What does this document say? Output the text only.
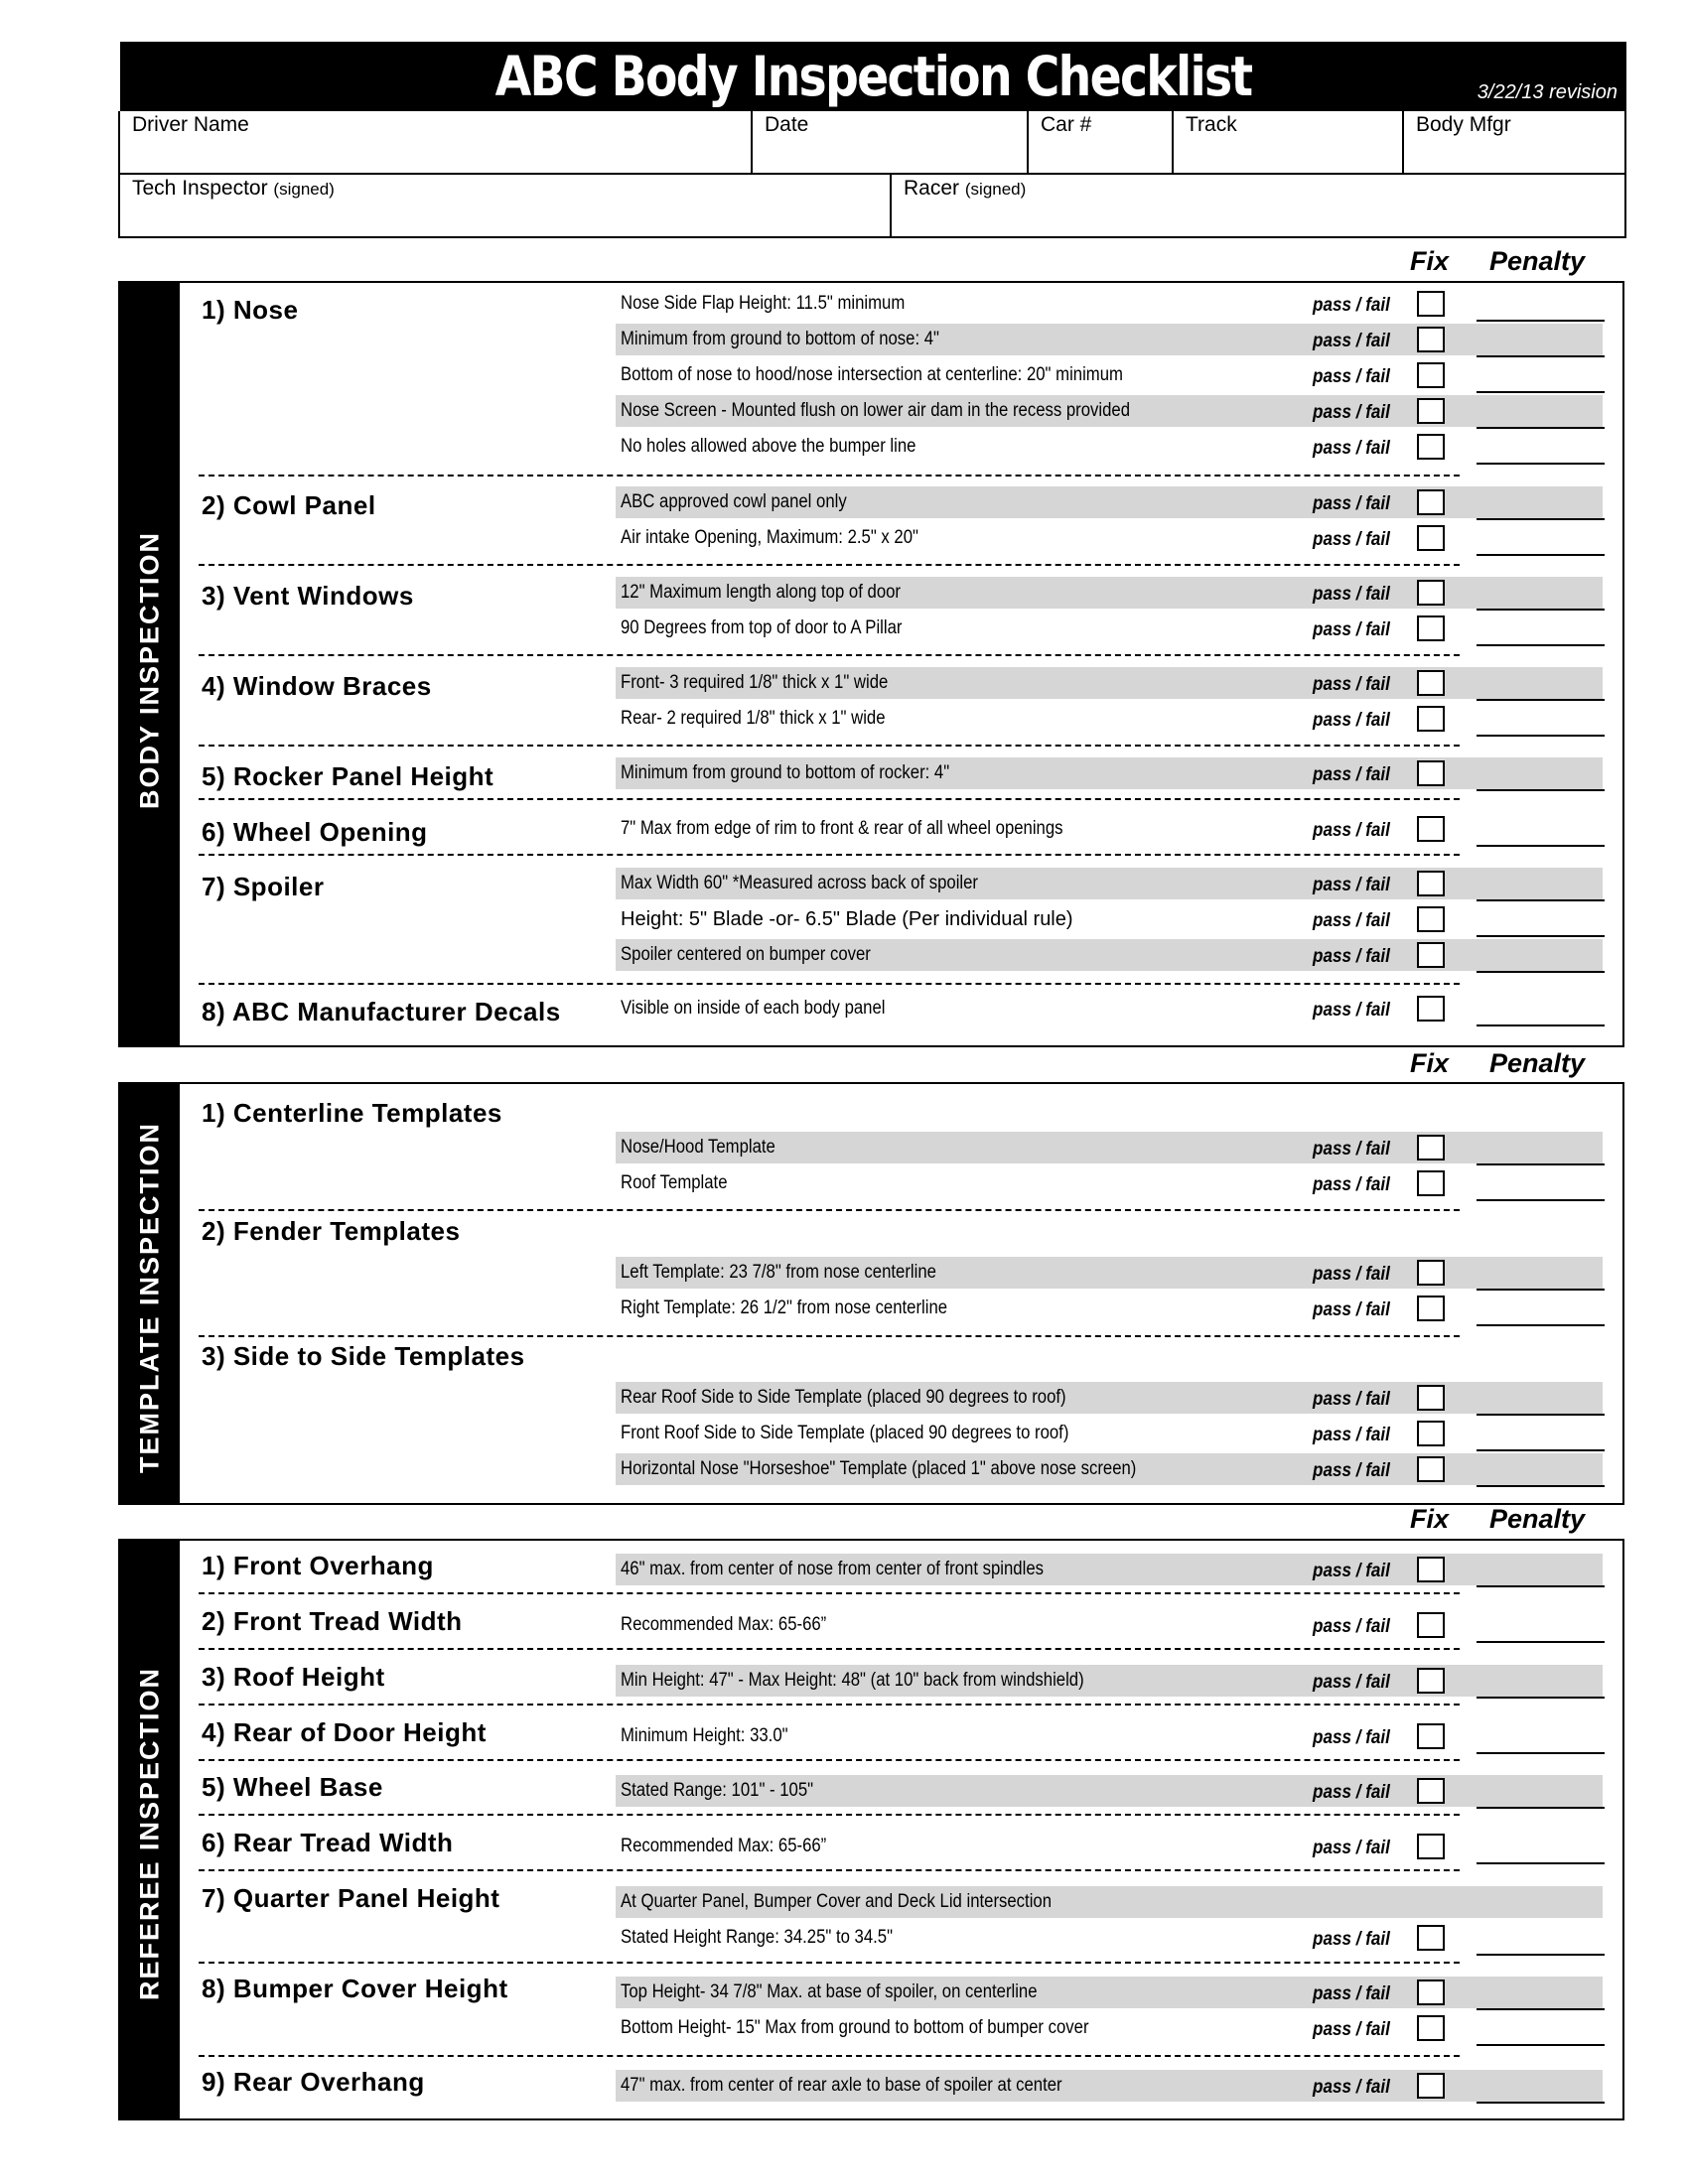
ABC Body Inspection Checklist	3/22/13 revision
Driver Name	Date	Car #	Track	Body Mfgr
Tech Inspector (signed)	Racer (signed)
Fix Penalty
Fix Penalty
Fix Penalty
BODY INSPECTION
TEMPLATE INSPECTION
REFEREE INSPECTION
1) Nose	Nose Side Flap Height: 11.5" minimum	pass / fail
Minimum from ground to bottom of nose: 4"	pass / fail
Bottom of nose to hood/nose intersection at centerline: 20" minimum	pass / fail
Nose Screen - Mounted flush on lower air dam in the recess provided	pass / fail
No holes allowed above the bumper line	pass / fail
2) Cowl Panel	ABC approved cowl panel only	pass / fail
Air intake Opening, Maximum: 2.5" x 20"	pass / fail
3) Vent Windows	12" Maximum length along top of door	pass / fail
90 Degrees from top of door to A Pillar	pass / fail
4) Window Braces	Front- 3 required 1/8" thick x 1" wide	pass / fail
Rear- 2 required 1/8" thick x 1" wide	pass / fail
5) Rocker Panel Height	Minimum from ground to bottom of rocker: 4"	pass / fail
6) Wheel Opening	7" Max from edge of rim to front & rear of all wheel openings	pass / fail
7) Spoiler	Max Width 60" *Measured across back of spoiler	pass / fail
Height: 5" Blade -or- 6.5" Blade (Per individual rule)	pass / fail
Spoiler centered on bumper cover	pass / fail
8) ABC Manufacturer Decals	Visible on inside of each body panel	pass / fail
1) Centerline Templates
Nose/Hood Template	pass / fail
Roof Template	pass / fail
2) Fender Templates
Left Template: 23 7/8" from nose centerline	pass / fail
Right Template: 26 1/2" from nose centerline	pass / fail
3) Side to Side Templates
Rear Roof Side to Side Template (placed 90 degrees to roof)	pass / fail
Front Roof Side to Side Template (placed 90 degrees to roof)	pass / fail
Horizontal Nose "Horseshoe" Template (placed 1" above nose screen)	pass / fail
1) Front Overhang	46" max. from center of nose from center of front spindles	pass / fail
2) Front Tread Width	Recommended Max: 65-66”	pass / fail
3) Roof Height	Min Height: 47" - Max Height: 48" (at 10" back from windshield)	pass / fail
4) Rear of Door Height	Minimum Height: 33.0"	pass / fail
5) Wheel Base	Stated Range: 101" - 105"	pass / fail
6) Rear Tread Width	Recommended Max: 65-66”	pass / fail
7) Quarter Panel Height	At Quarter Panel, Bumper Cover and Deck Lid intersection
Stated Height Range: 34.25" to 34.5"	pass / fail
8) Bumper Cover Height	Top Height- 34 7/8" Max. at base of spoiler, on centerline	pass / fail
Bottom Height- 15" Max from ground to bottom of bumper cover	pass / fail
9) Rear Overhang	47" max. from center of rear axle to base of spoiler at center	pass / fail
